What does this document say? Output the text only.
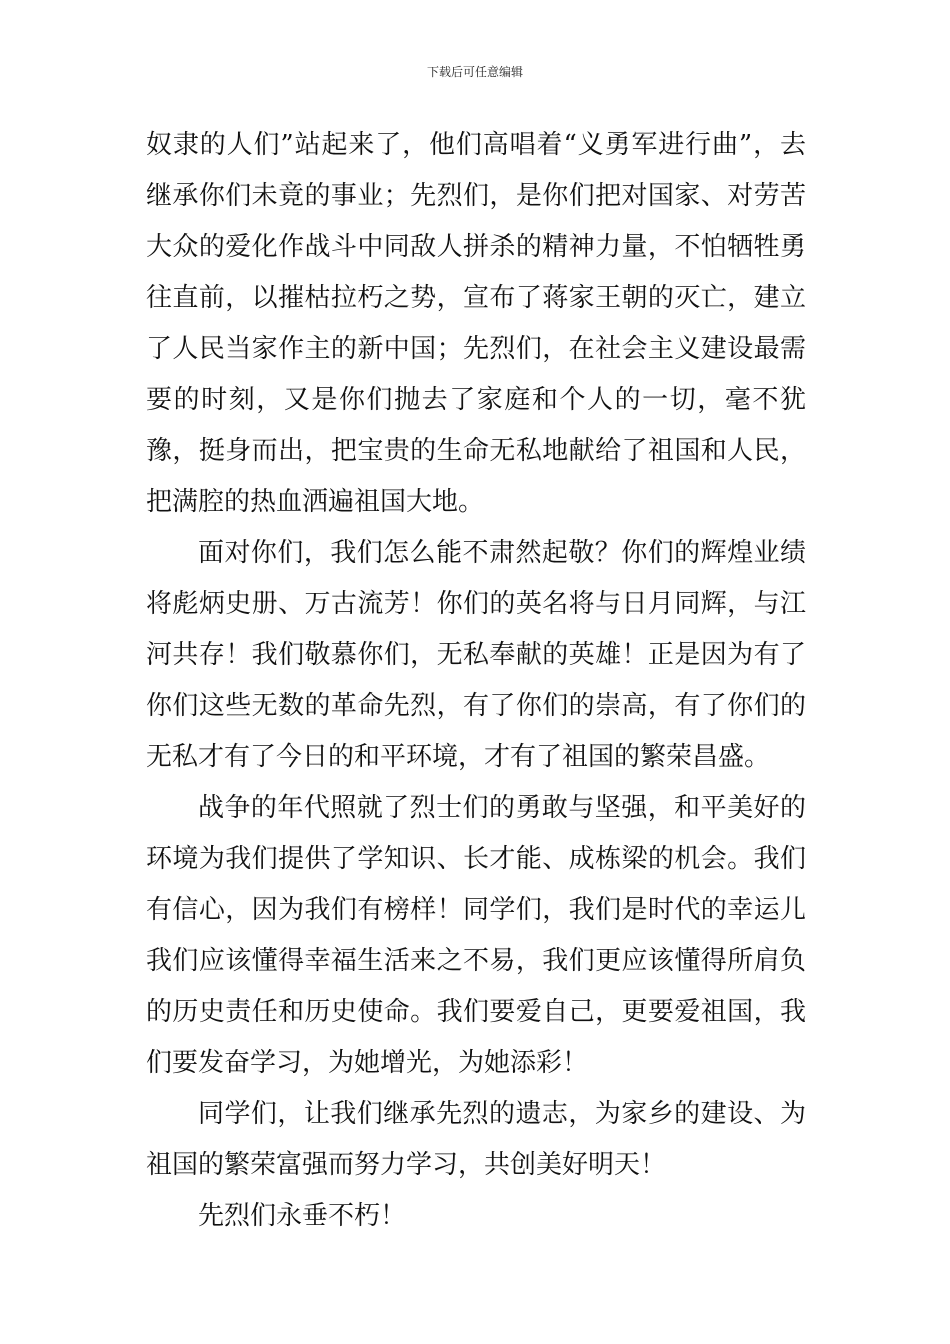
下载后可任意编辑

奴隶的人们”站起来了，他们高唱着“义勇军进行曲”，去继承你们未竟的事业；先烈们，是你们把对国家、对劳苦大众的爱化作战斗中同敌人拼杀的精神力量，不怕牺牲勇往直前，以摧枯拉朽之势，宣布了蒋家王朝的灭亡，建立了人民当家作主的新中国；先烈们，在社会主义建设最需要的时刻，又是你们抛去了家庭和个人的一切，毫不犹豫，挺身而出，把宝贵的生命无私地献给了祖国和人民，把满腔的热血洒遍祖国大地。

面对你们，我们怎么能不肃然起敬？你们的辉煌业绩将彪炳史册、万古流芳！你们的英名将与日月同辉，与江河共存！我们敬慕你们，无私奉献的英雄！正是因为有了你们这些无数的革命先烈，有了你们的崇高，有了你们的无私才有了今日的和平环境，才有了祖国的繁荣昌盛。

战争的年代照就了烈士们的勇敢与坚强，和平美好的环境为我们提供了学知识、长才能、成栋梁的机会。我们有信心，因为我们有榜样！同学们，我们是时代的幸运儿我们应该懂得幸福生活来之不易，我们更应该懂得所肩负的历史责任和历史使命。我们要爱自己，更要爱祖国，我们要发奋学习，为她增光，为她添彩！

同学们，让我们继承先烈的遗志，为家乡的建设、为祖国的繁荣富强而努力学习，共创美好明天！

先烈们永垂不朽！
